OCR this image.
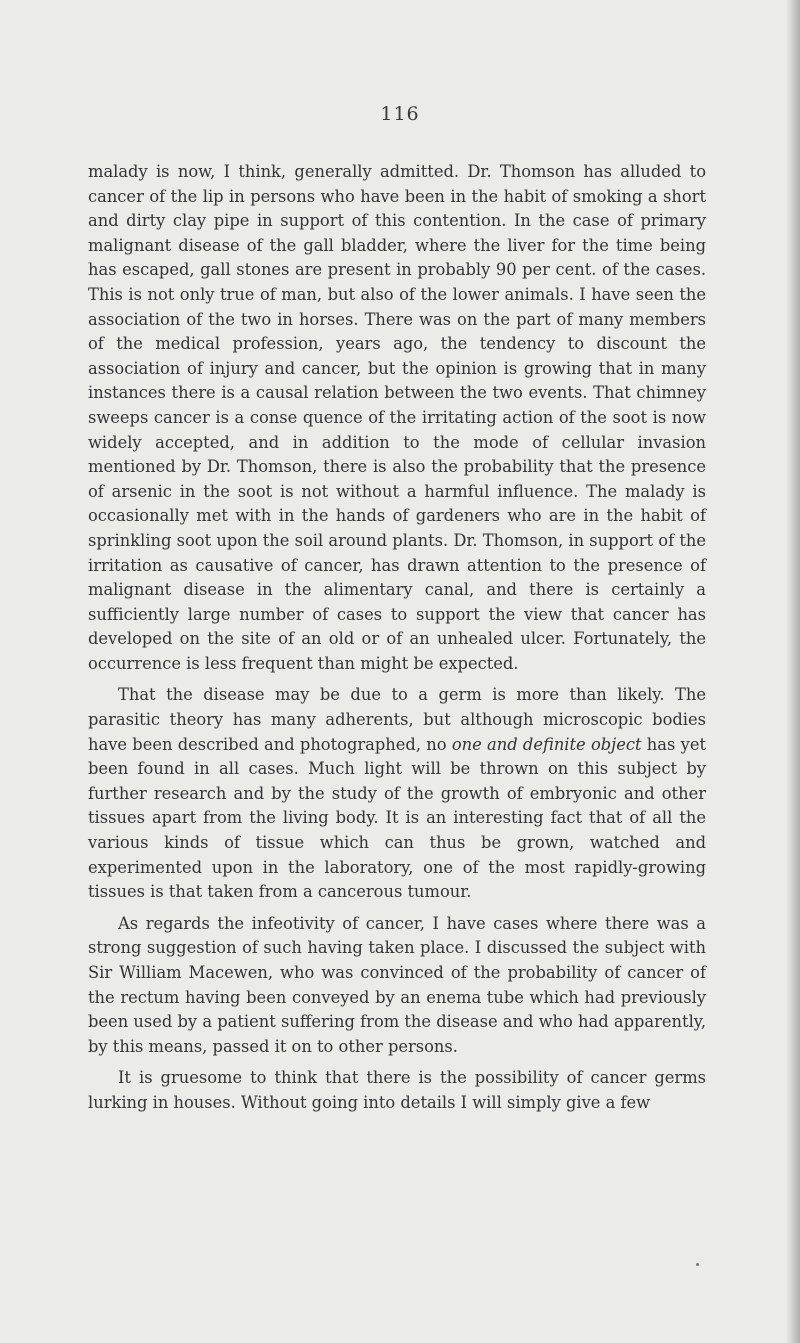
116

malady is now, I think, generally admitted. Dr. Thomson has alluded to cancer of the lip in persons who have been in the habit of smoking a short and dirty clay pipe in support of this contention. In the case of primary malignant disease of the gall bladder, where the liver for the time being has escaped, gall stones are present in probably 90 per cent. of the cases. This is not only true of man, but also of the lower animals. I have seen the association of the two in horses. There was on the part of many members of the medical profession, years ago, the tendency to discount the association of injury and cancer, but the opinion is growing that in many instances there is a causal relation between the two events. That chimney sweeps cancer is a conse quence of the irritating action of the soot is now widely accepted, and in addition to the mode of cellular invasion mentioned by Dr. Thomson, there is also the probability that the presence of arsenic in the soot is not without a harmful influence. The malady is occasionally met with in the hands of gardeners who are in the habit of sprinkling soot upon the soil around plants. Dr. Thomson, in support of the irritation as causative of cancer, has drawn attention to the presence of malignant disease in the alimentary canal, and there is certainly a sufficiently large number of cases to support the view that cancer has developed on the site of an old or of an unhealed ulcer. Fortunately, the occurrence is less frequent than might be expected.

That the disease may be due to a germ is more than likely. The parasitic theory has many adherents, but although microscopic bodies have been described and photographed, no one and definite object has yet been found in all cases. Much light will be thrown on this subject by further research and by the study of the growth of embryonic and other tissues apart from the living body. It is an interesting fact that of all the various kinds of tissue which can thus be grown, watched and experimented upon in the laboratory, one of the most rapidly-growing tissues is that taken from a cancerous tumour.

As regards the infeotivity of cancer, I have cases where there was a strong suggestion of such having taken place. I discussed the subject with Sir William Macewen, who was convinced of the probability of cancer of the rectum having been conveyed by an enema tube which had previously been used by a patient suffering from the disease and who had apparently, by this means, passed it on to other persons.

It is gruesome to think that there is the possibility of cancer germs lurking in houses. Without going into details I will simply give a few
